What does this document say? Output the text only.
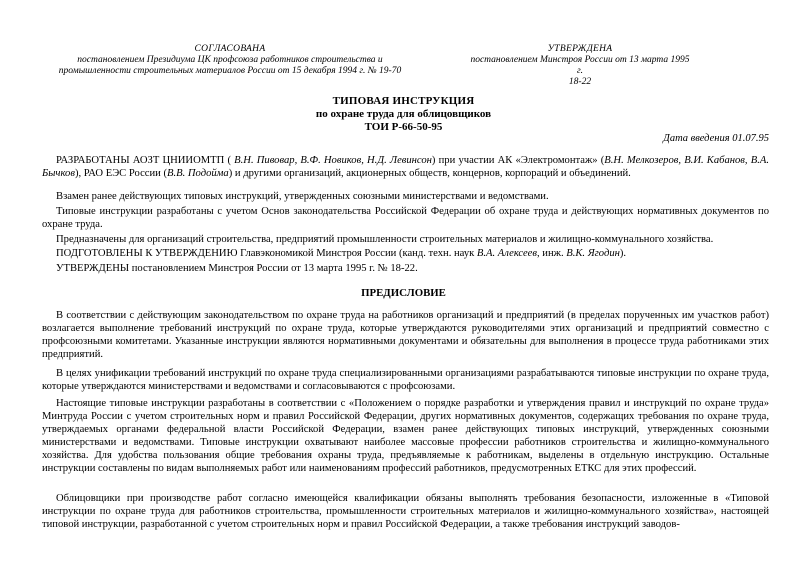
СОГЛАСОВАНА
постановлением Президиума ЦК профсоюза работников строительства и
промышленности строительных материалов России от 15 декабря 1994 г. № 19-70
УТВЕРЖДЕНА
постановлением Минстроя России от 13 марта 1995 г.
18-22
ТИПОВАЯ ИНСТРУКЦИЯ
по охране труда для облицовщиков
ТОИ Р-66-50-95
Дата введения 01.07.95
РАЗРАБОТАНЫ АОЗТ ЦНИИОМТП ( В.Н. Пивовар, В.Ф. Новиков, Н.Д. Левинсон) при участии АК «Электромонтаж» (В.Н. Мелкозеров, В.И. Кабанов, В.А. Бычков), РАО ЕЭС России (В.В. Подойма) и другими организаций, акционерных обществ, концернов, корпораций и объединений.
Взамен ранее действующих типовых инструкций, утвержденных союзными министерствами и ведомствами.
Типовые инструкции разработаны с учетом Основ законодательства Российской Федерации об охране труда и действующих нормативных документов по охране труда.
Предназначены для организаций строительства, предприятий промышленности строительных материалов и жилищно-коммунального хозяйства.
ПОДГОТОВЛЕНЫ К УТВЕРЖДЕНИЮ Главэкономикой Минстроя России (канд. техн. наук В.А. Алексеев, инж. В.К. Ягодин).
УТВЕРЖДЕНЫ постановлением Минстроя России от 13 марта 1995 г. № 18-22.
ПРЕДИСЛОВИЕ
В соответствии с действующим законодательством по охране труда на работников организаций и предприятий (в пределах порученных им участков работ) возлагается выполнение требований инструкций по охране труда, которые утверждаются руководителями этих организаций и предприятий совместно с профсоюзными комитетами. Указанные инструкции являются нормативными документами и обязательны для выполнения в процессе труда работниками этих предприятий.
В целях унификации требований инструкций по охране труда специализированными организациями разрабатываются типовые инструкции по охране труда, которые утверждаются министерствами и ведомствами и согласовываются с профсоюзами.
Настоящие типовые инструкции разработаны в соответствии с «Положением о порядке разработки и утверждения правил и инструкций по охране труда» Минтруда России с учетом строительных норм и правил Российской Федерации, других нормативных документов, содержащих требования по охране труда, утверждаемых органами федеральной власти Российской Федерации, взамен ранее действующих типовых инструкций, утвержденных союзными министерствами и ведомствами. Типовые инструкции охватывают наиболее массовые профессии работников строительства и жилищно-коммунального хозяйства. Для удобства пользования общие требования охраны труда, предъявляемые к работникам, выделены в отдельную инструкцию. Остальные инструкции составлены по видам выполняемых работ или наименованиям профессий работников, предусмотренных ЕТКС для этих профессий.
Облицовщики при производстве работ согласно имеющейся квалификации обязаны выполнять требования безопасности, изложенные в «Типовой инструкции по охране труда для работников строительства, промышленности строительных материалов и жилищно-коммунального хозяйства», настоящей типовой инструкции, разработанной с учетом строительных норм и правил Российской Федерации, а также требования инструкций заводов-
